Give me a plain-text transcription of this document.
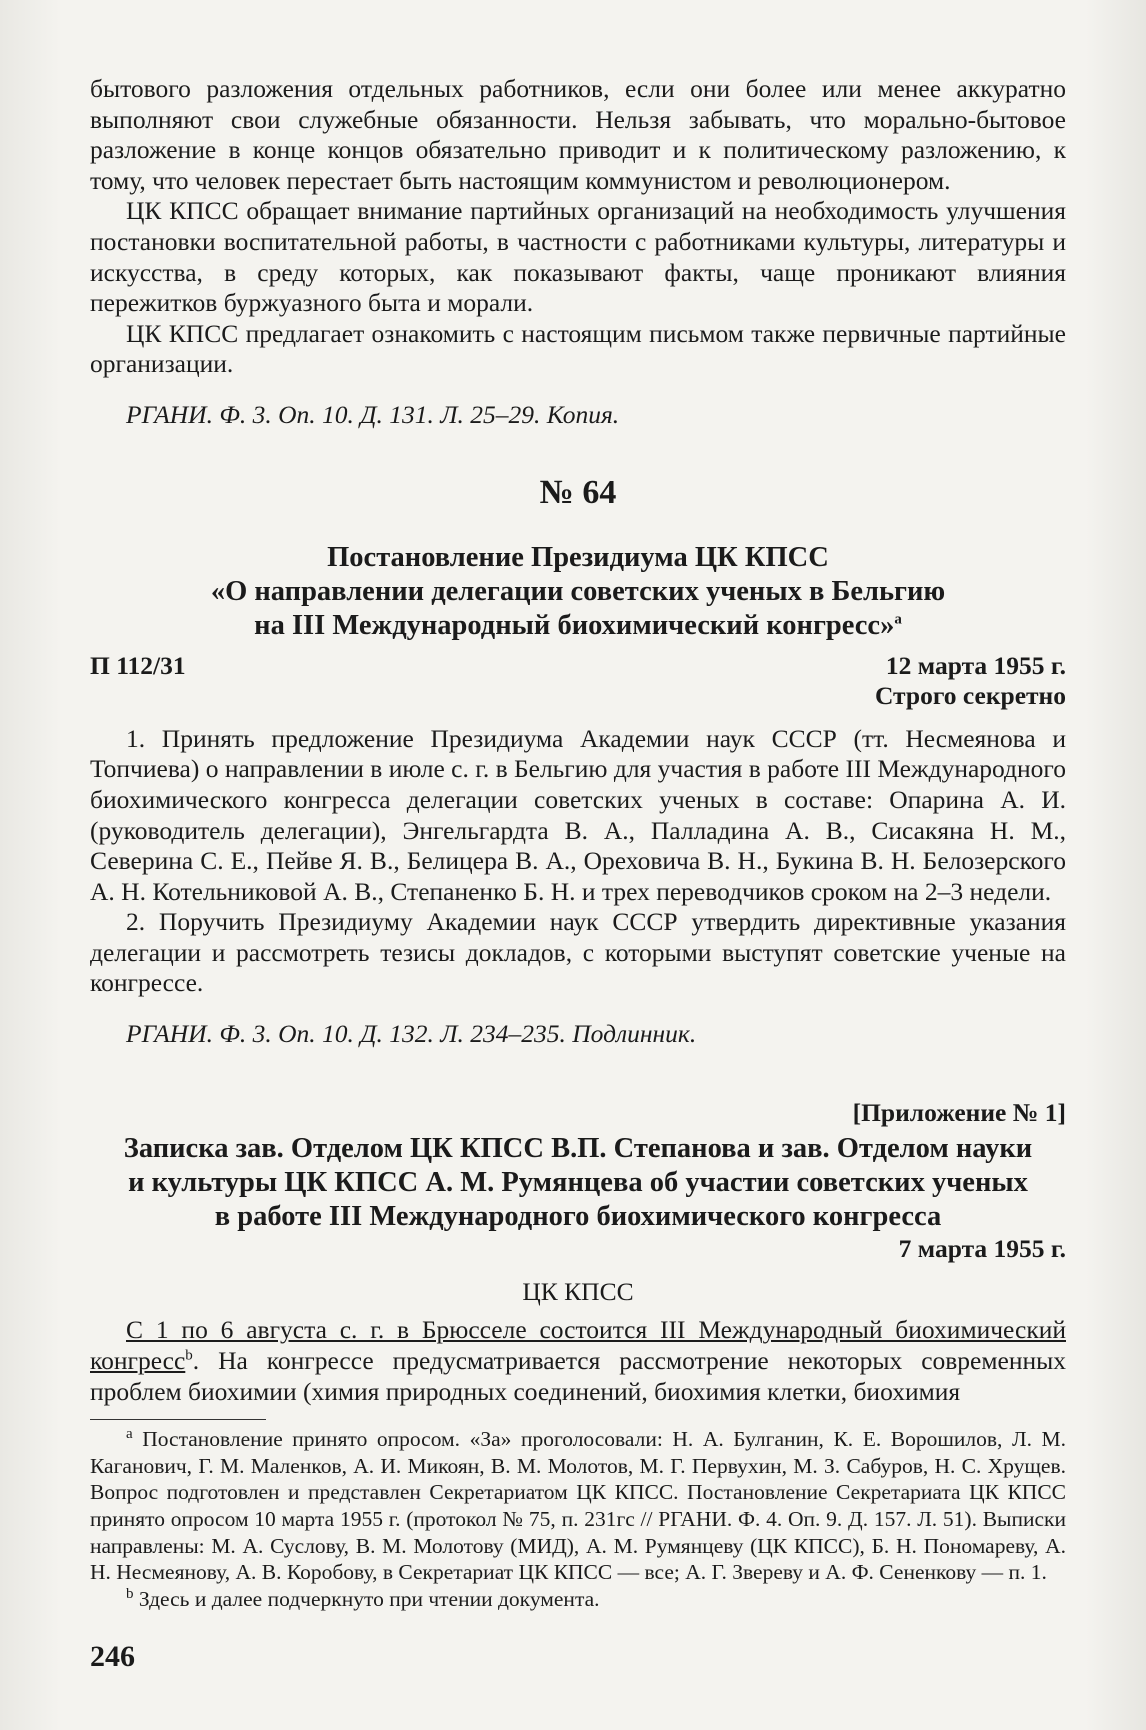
бытового разложения отдельных работников, если они более или менее аккуратно выполняют свои служебные обязанности. Нельзя забывать, что морально-бытовое разложение в конце концов обязательно приводит и к политическому разложению, к тому, что человек перестает быть настоящим коммунистом и революционером.

ЦК КПСС обращает внимание партийных организаций на необходимость улучшения постановки воспитательной работы, в частности с работниками культуры, литературы и искусства, в среду которых, как показывают факты, чаще проникают влияния пережитков буржуазного быта и морали.

ЦК КПСС предлагает ознакомить с настоящим письмом также первичные партийные организации.

РГАНИ. Ф. 3. Оп. 10. Д. 131. Л. 25–29. Копия.

№ 64
Постановление Президиума ЦК КПСС
«О направлении делегации советских ученых в Бельгию
на III Международный биохимический конгресс»$^a$
П 112/31	12 марта 1955 г.
Строго секретно

1. Принять предложение Президиума Академии наук СССР (тт. Несмеянова и Топчиева) о направлении в июле с. г. в Бельгию для участия в работе III Международного биохимического конгресса делегации советских ученых в составе: Опарина А. И. (руководитель делегации), Энгельгардта В. А., Палладина А. В., Сисакяна Н. М., Северина С. Е., Пейве Я. В., Белицера В. А., Ореховича В. Н., Букина В. Н. Белозерского А. Н. Котельниковой А. В., Степаненко Б. Н. и трех переводчиков сроком на 2–3 недели.

2. Поручить Президиуму Академии наук СССР утвердить директивные указания делегации и рассмотреть тезисы докладов, с которыми выступят советские ученые на конгрессе.

РГАНИ. Ф. 3. Оп. 10. Д. 132. Л. 234–235. Подлинник.

[Приложение № 1]
Записка зав. Отделом ЦК КПСС В.П. Степанова и зав. Отделом науки
и культуры ЦК КПСС А. М. Румянцева об участии советских ученых
в работе III Международного биохимического конгресса
7 марта 1955 г.
ЦК КПСС

С 1 по 6 августа с. г. в Брюсселе состоится III Международный биохимический конгресс$^b$. На конгрессе предусматривается рассмотрение некоторых современных проблем биохимии (химия природных соединений, биохимия клетки, биохимия

$^a$ Постановление принято опросом. «За» проголосовали: Н. А. Булганин, К. Е. Ворошилов, Л. М. Каганович, Г. М. Маленков, А. И. Микоян, В. М. Молотов, М. Г. Первухин, М. З. Сабуров, Н. С. Хрущев. Вопрос подготовлен и представлен Секретариатом ЦК КПСС. Постановление Секретариата ЦК КПСС принято опросом 10 марта 1955 г. (протокол № 75, п. 231гс // РГАНИ. Ф. 4. Оп. 9. Д. 157. Л. 51). Выписки направлены: М. А. Суслову, В. М. Молотову (МИД), А. М. Румянцеву (ЦК КПСС), Б. Н. Пономареву, А. Н. Несмеянову, А. В. Коробову, в Секретариат ЦК КПСС — все; А. Г. Звереву и А. Ф. Сененкову — п. 1.

$^b$ Здесь и далее подчеркнуто при чтении документа.

246
